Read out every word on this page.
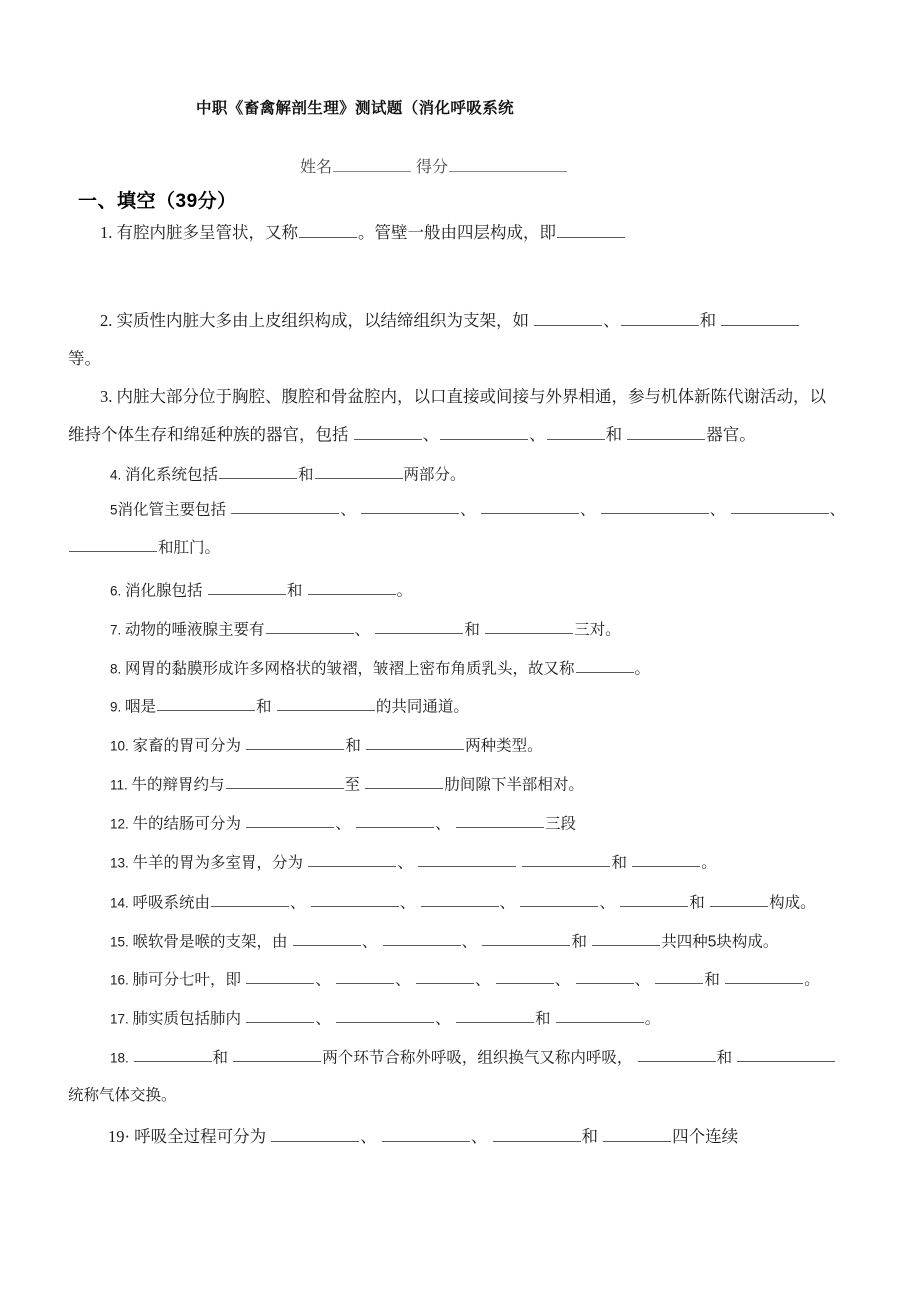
中职《畜禽解剖生理》测试题（消化呼吸系统
姓名	得分
一、填空（39分）
1. 有腔内脏多呈管状，又称	。管壁一般由四层构成，即
2. 实质性内脏大多由上皮组织构成，以结缔组织为支架，如	、	和
等。
3. 内脏大部分位于胸腔、腹腔和骨盆腔内，以口直接或间接与外界相通，参与机体新陈代谢活动，以
维持个体生存和绵延种族的器官，包括	、	、	和	器官。
4. 消化系统包括	和	两部分。
5消化管主要包括	、	、	、	、	、
和肛门。
6. 消化腺包括	和	。
7. 动物的唾液腺主要有	、	和	三对。
8. 网胃的黏膜形成许多网格状的皱褶，皱褶上密布角质乳头，故又称	。
9. 咽是	和	的共同通道。
10. 家畜的胃可分为	和	两种类型。
11. 牛的辩胃约与	至	肋间隙下半部相对。
12. 牛的结肠可分为	、	、	三段
13. 牛羊的胃为多室胃，分为	、	和	。
14. 呼吸系统由	、	、	、	、	和	构成。
15. 喉软骨是喉的支架，由	、	、	和	共四种5块构成。
16. 肺可分七叶，即	、	、	、	、	、	和	。
17. 肺实质包括肺内	、	、	和	。
18.	和	两个环节合称外呼吸，组织换气又称内呼吸，	和
统称气体交换。
19· 呼吸全过程可分为	、	、	和	四个连续
